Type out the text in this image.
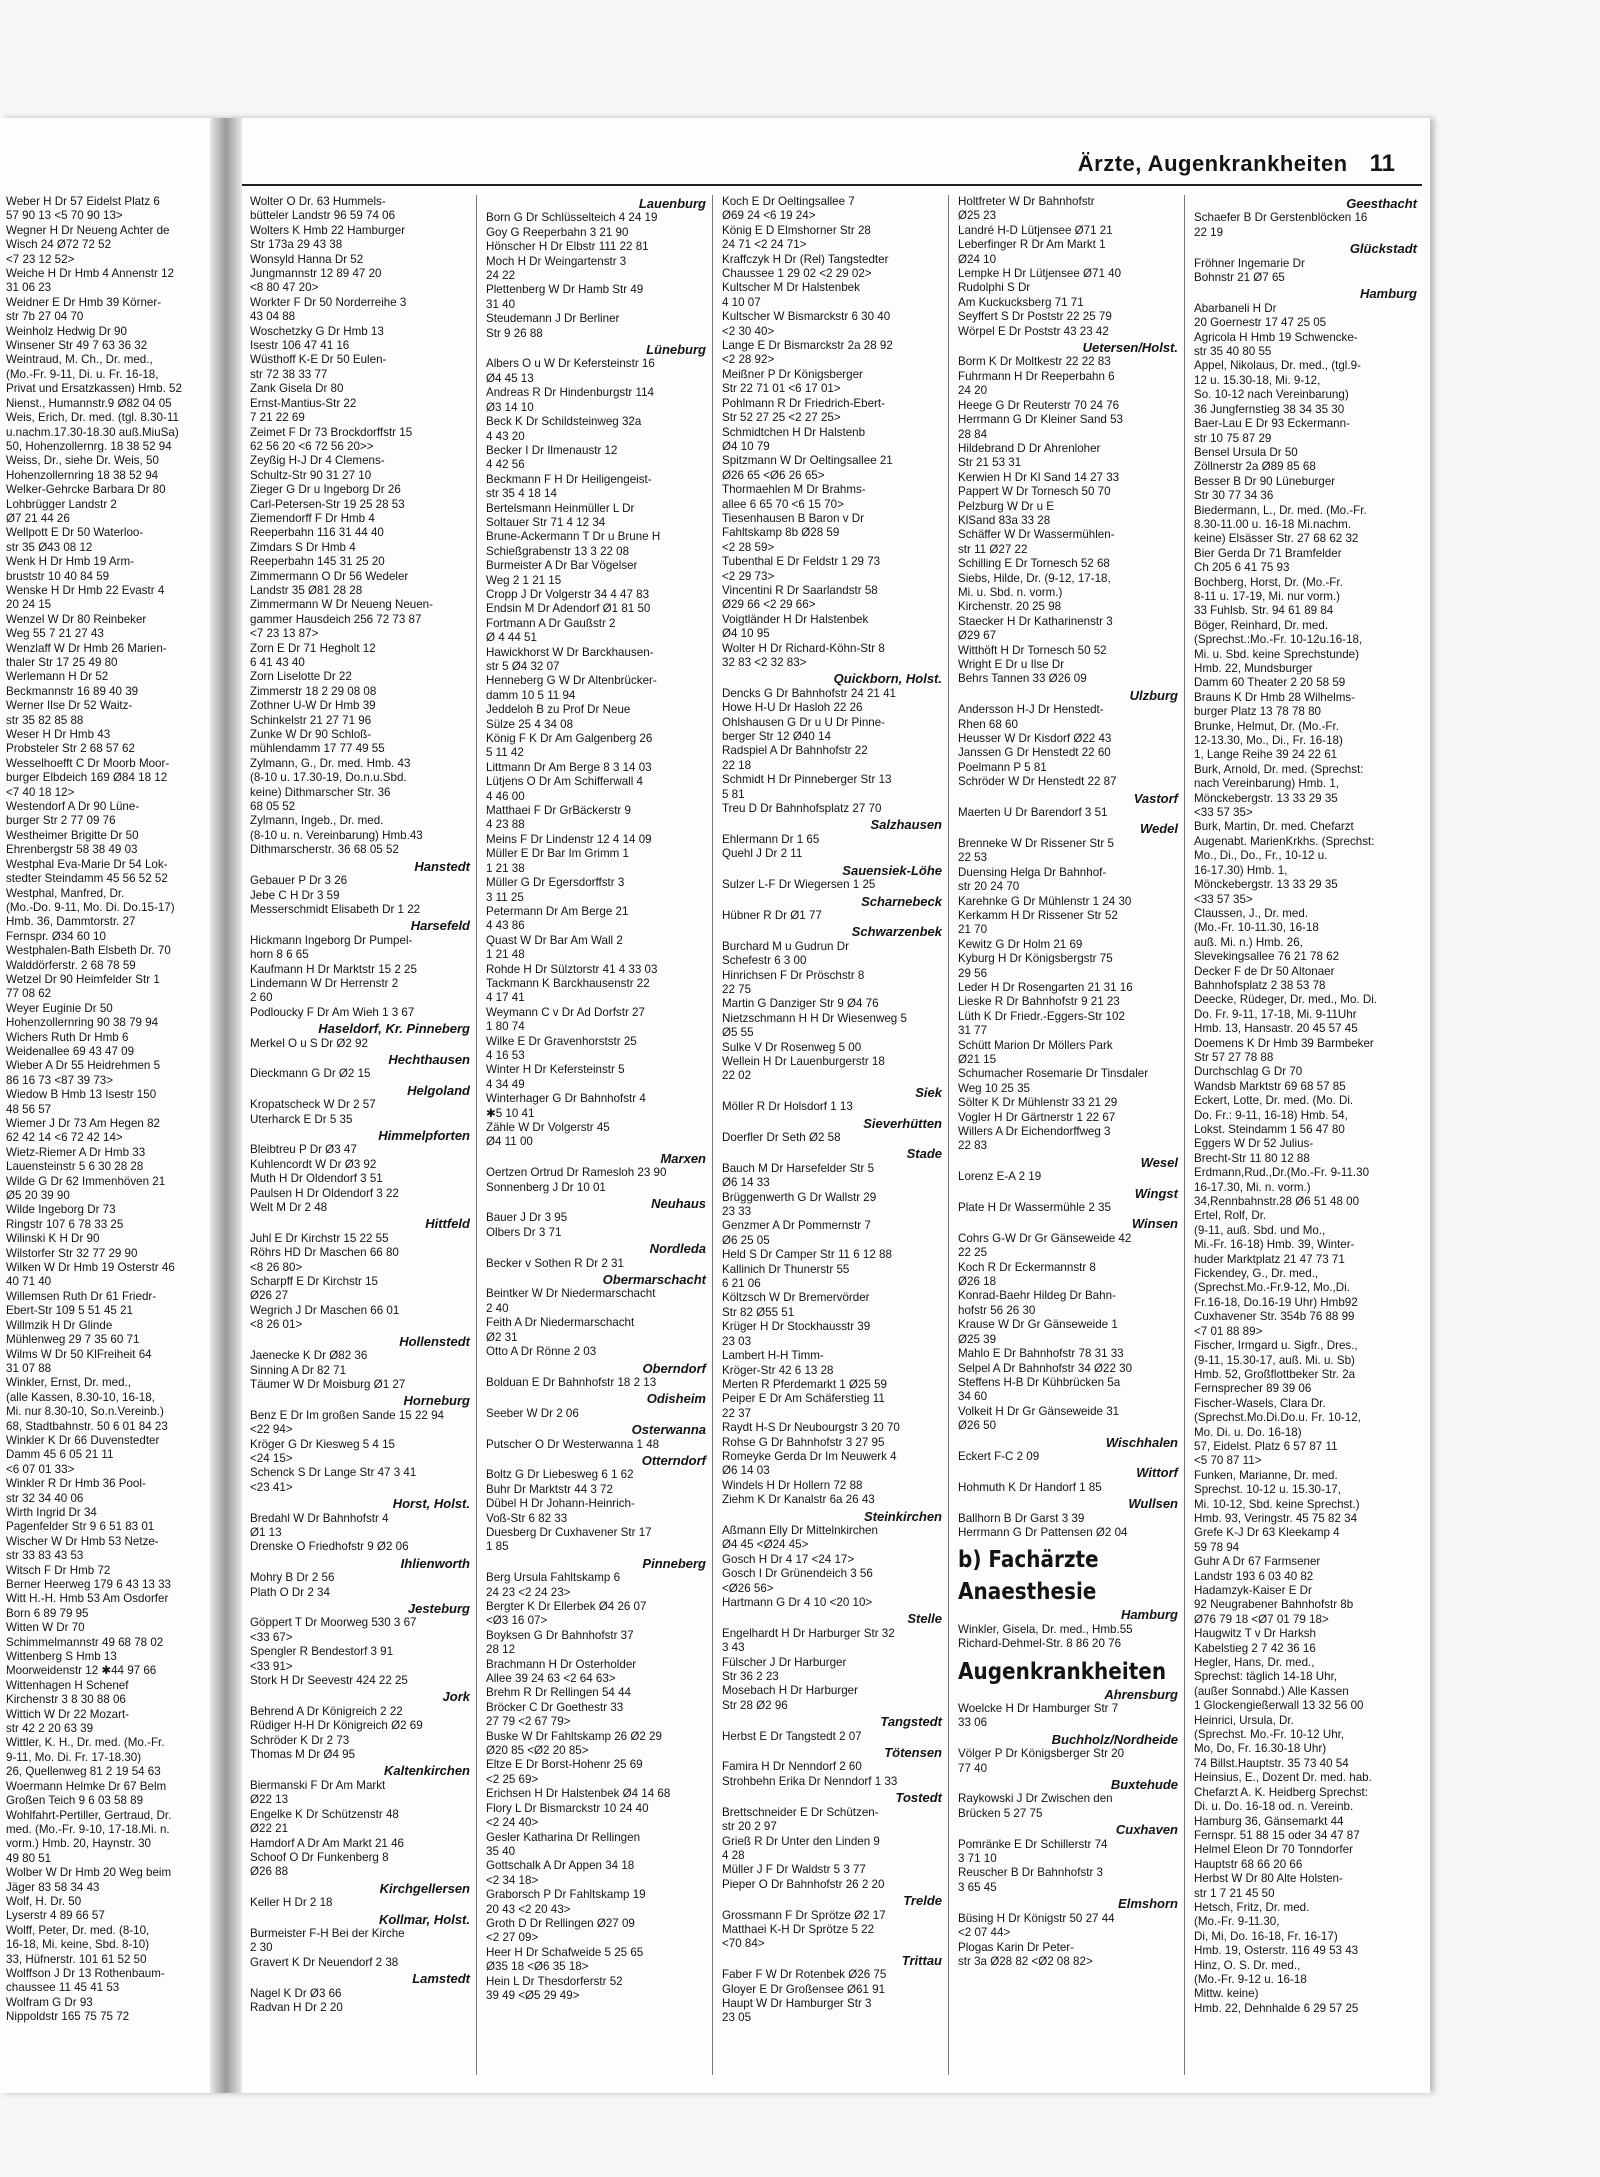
Ärzte, Augenkrankheiten 11
Weber H Dr 57 Eidelst Platz 6
57 90 13 <5 70 90 13>
Wegner H Dr Neueng Achter de
Wisch 24 Ø72 72 52
<7 23 12 52>
Weiche H Dr Hmb 4 Annenstr 12
31 06 23
Weidner E Dr Hmb 39 Körner-
str 7b 27 04 70
Weinholz Hedwig Dr 90
Winsener Str 49 7 63 36 32
Weintraud, M. Ch., Dr. med.,
(Mo.-Fr. 9-11, Di. u. Fr. 16-18,
Privat und Ersatzkassen) Hmb. 52
Nienst., Humannstr.9 Ø82 04 05
Weis, Erich, Dr. med. (tgl. 8.30-11
u.nachm.17.30-18.30 auß.MiuSa)
50, Hohenzollernrg. 18 38 52 94
Weiss, Dr., siehe Dr. Weis, 50
Hohenzollernring 18 38 52 94
Welker-Gehrcke Barbara Dr 80
Lohbrügger Landstr 2
Ø7 21 44 26
Wellpott E Dr 50 Waterloo-
str 35 Ø43 08 12
Wenk H Dr Hmb 19 Arm-
bruststr 10 40 84 59
Wenske H Dr Hmb 22 Evastr 4
20 24 15
Wenzel W Dr 80 Reinbeker
Weg 55 7 21 27 43
Wenzlaff W Dr Hmb 26 Marien-
thaler Str 17 25 49 80
Werlemann H Dr 52
Beckmannstr 16 89 40 39
Werner Ilse Dr 52 Waitz-
str 35 82 85 88
Weser H Dr Hmb 43
Probsteler Str 2 68 57 62
Wesselhoefft C Dr Moorb Moor-
burger Elbdeich 169 Ø84 18 12
<7 40 18 12>
Westendorf A Dr 90 Lüne-
burger Str 2 77 09 76
Westheimer Brigitte Dr 50
Ehrenbergstr 58 38 49 03
Westphal Eva-Marie Dr 54 Lok-
stedter Steindamm 45 56 52 52
Westphal, Manfred, Dr.
(Mo.-Do. 9-11, Mo. Di. Do.15-17)
Hmb. 36, Dammtorstr. 27
Fernspr. Ø34 60 10
Westphalen-Bath Elsbeth Dr. 70
Walddörferstr. 2 68 78 59
Wetzel Dr 90 Heimfelder Str 1
77 08 62
Weyer Euginie Dr 50
Hohenzollernring 90 38 79 94
Wichers Ruth Dr Hmb 6
Weidenallee 69 43 47 09
Wieber A Dr 55 Heidrehmen 5
86 16 73 <87 39 73>
Wiedow B Hmb 13 Isestr 150
48 56 57
Wiemer J Dr 73 Am Hegen 82
62 42 14 <6 72 42 14>
Wietz-Riemer A Dr Hmb 33
Lauensteinstr 5 6 30 28 28
Wilde G Dr 62 Immenhöven 21
Ø5 20 39 90
Wilde Ingeborg Dr 73
Ringstr 107 6 78 33 25
Wilinski K H Dr 90
Wilstorfer Str 32 77 29 90
Wilken W Dr Hmb 19 Osterstr 46
40 71 40
Willemsen Ruth Dr 61 Friedr-
Ebert-Str 109 5 51 45 21
Willmzik H Dr Glinde
Mühlenweg 29 7 35 60 71
Wilms W Dr 50 KlFreiheit 64
31 07 88
Winkler, Ernst, Dr. med.,
(alle Kassen, 8.30-10, 16-18,
Mi. nur 8.30-10, So.n.Vereinb.)
68, Stadtbahnstr. 50 6 01 84 23
Winkler K Dr 66 Duvenstedter
Damm 45 6 05 21 11
<6 07 01 33>
Winkler R Dr Hmb 36 Pool-
str 32 34 40 06
Wirth Ingrid Dr 34
Pagenfelder Str 9 6 51 83 01
Wischer W Dr Hmb 53 Netze-
str 33 83 43 53
Witsch F Dr Hmb 72
Berner Heerweg 179 6 43 13 33
Witt H.-H. Hmb 53 Am Osdorfer
Born 6 89 79 95
Witten W Dr 70
Schimmelmannstr 49 68 78 02
Wittenberg S Hmb 13
Moorweidenstr 12 ✱44 97 66
Wittenhagen H Schenef
Kirchenstr 3 8 30 88 06
Wittich W Dr 22 Mozart-
str 42 2 20 63 39
Wittler, K. H., Dr. med. (Mo.-Fr.
9-11, Mo. Di. Fr. 17-18.30)
26, Quellenweg 81 2 19 54 63
Woermann Helmke Dr 67 Belm
Großen Teich 9 6 03 58 89
Wohlfahrt-Pertiller, Gertraud, Dr.
med. (Mo.-Fr. 9-10, 17-18.Mi. n.
vorm.) Hmb. 20, Haynstr. 30
49 80 51
Wolber W Dr Hmb 20 Weg beim
Jäger 83 58 34 43
Wolf, H. Dr. 50
Lyserstr 4 89 66 57
Wolff, Peter, Dr. med. (8-10,
16-18, Mi. keine, Sbd. 8-10)
33, Hüfnerstr. 101 61 52 50
Wolffson J Dr 13 Rothenbaum-
chaussee 11 45 41 53
Wolfram G Dr 93
Nippoldstr 165 75 75 72
Wolter O Dr. 63 Hummels-
bütteler Landstr 96 59 74 06
Wolters K Hmb 22 Hamburger
Str 173a 29 43 38
Wonsyld Hanna Dr 52
Jungmannstr 12 89 47 20
<8 80 47 20>
Workter F Dr 50 Norderreihe 3
43 04 88
Woschetzky G Dr Hmb 13
Isestr 106 47 41 16
Wüsthoff K-E Dr 50 Eulen-
str 72 38 33 77
Zank Gisela Dr 80
Ernst-Mantius-Str 22
7 21 22 69
Zeimet F Dr 73 Brockdorffstr 15
62 56 20 <6 72 56 20>>
Zeyßig H-J Dr 4 Clemens-
Schultz-Str 90 31 27 10
Zieger G Dr u Ingeborg Dr 26
Carl-Petersen-Str 19 25 28 53
Ziemendorff F Dr Hmb 4
Reeperbahn 116 31 44 40
Zimdars S Dr Hmb 4
Reeperbahn 145 31 25 20
Zimmermann O Dr 56 Wedeler
Landstr 35 Ø81 28 28
Zimmermann W Dr Neueng Neuen-
gammer Hausdeich 256 72 73 87
<7 23 13 87>
Zorn E Dr 71 Hegholt 12
6 41 43 40
Zorn Liselotte Dr 22
Zimmerstr 18 2 29 08 08
Zothner U-W Dr Hmb 39
Schinkelstr 21 27 71 96
Zunke W Dr 90 Schloß-
mühlendamm 17 77 49 55
Zylmann, G., Dr. med. Hmb. 43
(8-10 u. 17.30-19, Do.n.u.Sbd.
keine) Dithmarscher Str. 36
68 05 52
Zylmann, Ingeb., Dr. med.
(8-10 u. n. Vereinbarung) Hmb.43
Dithmarscherstr. 36 68 05 52
Hanstedt
Gebauer P Dr 3 26
Jebe C H Dr 3 59
Messerschmidt Elisabeth Dr 1 22
Harsefeld
Hickmann Ingeborg Dr Pumpel-
horn 8 6 65
Kaufmann H Dr Marktstr 15 2 25
Lindemann W Dr Herrenstr 2
2 60
Podloucky F Dr Am Wieh 1 3 67
Haseldorf, Kr. Pinneberg
Merkel O u S Dr Ø2 92
Hechthausen
Dieckmann G Dr Ø2 15
Helgoland
Kropatscheck W Dr 2 57
Uterharck E Dr 5 35
Himmelpforten
Bleibtreu P Dr Ø3 47
Kuhlencordt W Dr Ø3 92
Muth H Dr Oldendorf 3 51
Paulsen H Dr Oldendorf 3 22
Welt M Dr 2 48
Hittfeld
Juhl E Dr Kirchstr 15 22 55
Röhrs HD Dr Maschen 66 80
<8 26 80>
Scharpff E Dr Kirchstr 15
Ø26 27
Wegrich J Dr Maschen 66 01
<8 26 01>
Hollenstedt
Jaenecke K Dr Ø82 36
Sinning A Dr 82 71
Täumer W Dr Moisburg Ø1 27
Horneburg
Benz E Dr Im großen Sande 15 22 94
<22 94>
Kröger G Dr Kiesweg 5 4 15
<24 15>
Schenck S Dr Lange Str 47 3 41
<23 41>
Horst, Holst.
Bredahl W Dr Bahnhofstr 4
Ø1 13
Drenske O Friedhofstr 9 Ø2 06
Ihlienworth
Mohry B Dr 2 56
Plath O Dr 2 34
Jesteburg
Göppert T Dr Moorweg 530 3 67
<33 67>
Spengler R Bendestorf 3 91
<33 91>
Stork H Dr Seevestr 424 22 25
Jork
Behrend A Dr Königreich 2 22
Rüdiger H-H Dr Königreich Ø2 69
Schröder K Dr 2 73
Thomas M Dr Ø4 95
Kaltenkirchen
Biermanski F Dr Am Markt
Ø22 13
Engelke K Dr Schützenstr 48
Ø22 21
Hamdorf A Dr Am Markt 21 46
Schoof O Dr Funkenberg 8
Ø26 88
Kirchgellersen
Keller H Dr 2 18
Kollmar, Holst.
Burmeister F-H Bei der Kirche
2 30
Gravert K Dr Neuendorf 2 38
Lamstedt
Nagel K Dr Ø3 66
Radvan H Dr 2 20
Lauenburg
Born G Dr Schlüsselteich 4 24 19
Goy G Reeperbahn 3 21 90
Hönscher H Dr Elbstr 111 22 81
Moch H Dr Weingartenstr 3
24 22
Plettenberg W Dr Hamb Str 49
31 40
Steudemann J Dr Berliner
Str 9 26 88
Lüneburg
Albers O u W Dr Kefersteinstr 16
Ø4 45 13
Andreas R Dr Hindenburgstr 114
Ø3 14 10
Beck K Dr Schildsteinweg 32a
4 43 20
Becker I Dr Ilmenaustr 12
4 42 56
Beckmann F H Dr Heiligengeist-
str 35 4 18 14
Bertelsmann Heinmüller L Dr
Soltauer Str 71 4 12 34
Brune-Ackermann T Dr u Brune H
Schießgrabenstr 13 3 22 08
Burmeister A Dr Bar Vögelser
Weg 2 1 21 15
Cropp J Dr Volgerstr 34 4 47 83
Endsin M Dr Adendorf Ø1 81 50
Fortmann A Dr Gaußstr 2
Ø 4 44 51
Hawickhorst W Dr Barckhausen-
str 5 Ø4 32 07
Henneberg G W Dr Altenbrücker-
damm 10 5 11 94
Jeddeloh B zu Prof Dr Neue
Sülze 25 4 34 08
König F K Dr Am Galgenberg 26
5 11 42
Littmann Dr Am Berge 8 3 14 03
Lütjens O Dr Am Schifferwall 4
4 46 00
Matthaei F Dr GrBäckerstr 9
4 23 88
Meins F Dr Lindenstr 12 4 14 09
Müller E Dr Bar Im Grimm 1
1 21 38
Müller G Dr Egersdorffstr 3
3 11 25
Petermann Dr Am Berge 21
4 43 86
Quast W Dr Bar Am Wall 2
1 21 48
Rohde H Dr Sülztorstr 41 4 33 03
Tackmann K Barckhausenstr 22
4 17 41
Weymann C v Dr Ad Dorfstr 27
1 80 74
Wilke E Dr Gravenhorststr 25
4 16 53
Winter H Dr Kefersteinstr 5
4 34 49
Winterhager G Dr Bahnhofstr 4
✱5 10 41
Zähle W Dr Volgerstr 45
Ø4 11 00
Marxen
Oertzen Ortrud Dr Ramesloh 23 90
Sonnenberg J Dr 10 01
Neuhaus
Bauer J Dr 3 95
Olbers Dr 3 71
Nordleda
Becker v Sothen R Dr 2 31
Obermarschacht
Beintker W Dr Niedermarschacht
2 40
Feith A Dr Niedermarschacht
Ø2 31
Otto A Dr Rönne 2 03
Oberndorf
Bolduan E Dr Bahnhofstr 18 2 13
Odisheim
Seeber W Dr 2 06
Osterwanna
Putscher O Dr Westerwanna 1 48
Otterndorf
Boltz G Dr Liebesweg 6 1 62
Buhr Dr Marktstr 44 3 72
Dübel H Dr Johann-Heinrich-
Voß-Str 6 82 33
Duesberg Dr Cuxhavener Str 17
1 85
Pinneberg
Berg Ursula Fahltskamp 6
24 23 <2 24 23>
Bergter K Dr Ellerbek Ø4 26 07
<Ø3 16 07>
Boyksen G Dr Bahnhofstr 37
28 12
Brachmann H Dr Osterholder
Allee 39 24 63 <2 64 63>
Brehm R Dr Rellingen 54 44
Bröcker C Dr Goethestr 33
27 79 <2 67 79>
Buske W Dr Fahltskamp 26 Ø2 29
Ø20 85 <Ø2 20 85>
Eltze E Dr Borst-Hohenr 25 69
<2 25 69>
Erichsen H Dr Halstenbek Ø4 14 68
Flory L Dr Bismarckstr 10 24 40
<2 24 40>
Gesler Katharina Dr Rellingen
35 40
Gottschalk A Dr Appen 34 18
<2 34 18>
Graborsch P Dr Fahltskamp 19
20 43 <2 20 43>
Groth D Dr Rellingen Ø27 09
<2 27 09>
Heer H Dr Schafweide 5 25 65
Ø35 18 <Ø6 35 18>
Hein L Dr Thesdorferstr 52
39 49 <Ø5 29 49>
Koch E Dr Oeltingsallee 7
Ø69 24 <6 19 24>
König E D Elmshorner Str 28
24 71 <2 24 71>
Kraffczyk H Dr (Rel) Tangstedter
Chaussee 1 29 02 <2 29 02>
Kultscher M Dr Halstenbek
4 10 07
Kultscher W Bismarckstr 6 30 40
<2 30 40>
Lange E Dr Bismarckstr 2a 28 92
<2 28 92>
Meißner P Dr Königsberger
Str 22 71 01 <6 17 01>
Pohlmann R Dr Friedrich-Ebert-
Str 52 27 25 <2 27 25>
Schmidtchen H Dr Halstenb
Ø4 10 79
Spitzmann W Dr Oeltingsallee 21
Ø26 65 <Ø6 26 65>
Thormaehlen M Dr Brahms-
allee 6 65 70 <6 15 70>
Tiesenhausen B Baron v Dr
Fahltskamp 8b Ø28 59
<2 28 59>
Tubenthal E Dr Feldstr 1 29 73
<2 29 73>
Vincentini R Dr Saarlandstr 58
Ø29 66 <2 29 66>
Voigtländer H Dr Halstenbek
Ø4 10 95
Wolter H Dr Richard-Köhn-Str 8
32 83 <2 32 83>
Quickborn, Holst.
Dencks G Dr Bahnhofstr 24 21 41
Howe H-U Dr Hasloh 22 26
Ohlshausen G Dr u U Dr Pinne-
berger Str 12 Ø40 14
Radspiel A Dr Bahnhofstr 22
22 18
Schmidt H Dr Pinneberger Str 13
5 81
Treu D Dr Bahnhofsplatz 27 70
Salzhausen
Ehlermann Dr 1 65
Quehl J Dr 2 11
Sauensiek-Löhe
Sulzer L-F Dr Wiegersen 1 25
Scharnebeck
Hübner R Dr Ø1 77
Schwarzenbek
Burchard M u Gudrun Dr
Schefestr 6 3 00
Hinrichsen F Dr Pröschstr 8
22 75
Martin G Danziger Str 9 Ø4 76
Nietzschmann H H Dr Wiesenweg 5
Ø5 55
Sulke V Dr Rosenweg 5 00
Wellein H Dr Lauenburgerstr 18
22 02
Siek
Möller R Dr Holsdorf 1 13
Sieverhütten
Doerfler Dr Seth Ø2 58
Stade
Bauch M Dr Harsefelder Str 5
Ø6 14 33
Brüggenwerth G Dr Wallstr 29
23 33
Genzmer A Dr Pommernstr 7
Ø6 25 05
Held S Dr Camper Str 11 6 12 88
Kallinich Dr Thunerstr 55
6 21 06
Költzsch W Dr Bremervörder
Str 82 Ø55 51
Krüger H Dr Stockhausstr 39
23 03
Lambert H-H Timm-
Kröger-Str 42 6 13 28
Merten R Pferdemarkt 1 Ø25 59
Peiper E Dr Am Schäferstieg 11
22 37
Raydt H-S Dr Neubourgstr 3 20 70
Rohse G Dr Bahnhofstr 3 27 95
Romeyke Gerda Dr Im Neuwerk 4
Ø6 14 03
Windels H Dr Hollern 72 88
Ziehm K Dr Kanalstr 6a 26 43
Steinkirchen
Aßmann Elly Dr Mittelnkirchen
Ø4 45 <Ø24 45>
Gosch H Dr 4 17 <24 17>
Gosch I Dr Grünendeich 3 56
<Ø26 56>
Hartmann G Dr 4 10 <20 10>
Stelle
Engelhardt H Dr Harburger Str 32
3 43
Fülscher J Dr Harburger
Str 36 2 23
Mosebach H Dr Harburger
Str 28 Ø2 96
Tangstedt
Herbst E Dr Tangstedt 2 07
Tötensen
Famira H Dr Nenndorf 2 60
Strohbehn Erika Dr Nenndorf 1 33
Tostedt
Brettschneider E Dr Schützen-
str 20 2 97
Grieß R Dr Unter den Linden 9
4 28
Müller J F Dr Waldstr 5 3 77
Pieper O Dr Bahnhofstr 26 2 20
Trelde
Grossmann F Dr Sprötze Ø2 17
Matthaei K-H Dr Sprötze 5 22
<70 84>
Trittau
Faber F W Dr Rotenbek Ø26 75
Gloyer E Dr Großensee Ø61 91
Haupt W Dr Hamburger Str 3
23 05
Holtfreter W Dr Bahnhofstr
Ø25 23
Landré H-D Lütjensee Ø71 21
Leberfinger R Dr Am Markt 1
Ø24 10
Lempke H Dr Lütjensee Ø71 40
Rudolphi S Dr
Am Kuckucksberg 71 71
Seyffert S Dr Poststr 22 25 79
Wörpel E Dr Poststr 43 23 42
Uetersen/Holst.
Borm K Dr Moltkestr 22 22 83
Fuhrmann H Dr Reeperbahn 6
24 20
Heege G Dr Reuterstr 70 24 76
Herrmann G Dr Kleiner Sand 53
28 84
Hildebrand D Dr Ahrenloher
Str 21 53 31
Kerwien H Dr Kl Sand 14 27 33
Pappert W Dr Tornesch 50 70
Pelzburg W Dr u E
KlSand 83a 33 28
Schäffer W Dr Wassermühlen-
str 11 Ø27 22
Schilling E Dr Tornesch 52 68
Siebs, Hilde, Dr. (9-12, 17-18,
Mi. u. Sbd. n. vorm.)
Kirchenstr. 20 25 98
Staecker H Dr Katharinenstr 3
Ø29 67
Witthöft H Dr Tornesch 50 52
Wright E Dr u Ilse Dr
Behrs Tannen 33 Ø26 09
Ulzburg
Andersson H-J Dr Henstedt-
Rhen 68 60
Heusser W Dr Kisdorf Ø22 43
Janssen G Dr Henstedt 22 60
Poelmann P 5 81
Schröder W Dr Henstedt 22 87
Vastorf
Maerten U Dr Barendorf 3 51
Wedel
Brenneke W Dr Rissener Str 5
22 53
Duensing Helga Dr Bahnhof-
str 20 24 70
Karehnke G Dr Mühlenstr 1 24 30
Kerkamm H Dr Rissener Str 52
21 70
Kewitz G Dr Holm 21 69
Kyburg H Dr Königsbergstr 75
29 56
Leder H Dr Rosengarten 21 31 16
Lieske R Dr Bahnhofstr 9 21 23
Lüth K Dr Friedr.-Eggers-Str 102
31 77
Schütt Marion Dr Möllers Park
Ø21 15
Schumacher Rosemarie Dr Tinsdaler
Weg 10 25 35
Sölter K Dr Mühlenstr 33 21 29
Vogler H Dr Gärtnerstr 1 22 67
Willers A Dr Eichendorffweg 3
22 83
Wesel
Lorenz E-A 2 19
Wingst
Plate H Dr Wassermühle 2 35
Winsen
Cohrs G-W Dr Gr Gänseweide 42
22 25
Koch R Dr Eckermannstr 8
Ø26 18
Konrad-Baehr Hildeg Dr Bahn-
hofstr 56 26 30
Krause W Dr Gr Gänseweide 1
Ø25 39
Mahlo E Dr Bahnhofstr 78 31 33
Selpel A Dr Bahnhofstr 34 Ø22 30
Steffens H-B Dr Kühbrücken 5a
34 60
Volkeit H Dr Gr Gänseweide 31
Ø26 50
Wischhalen
Eckert F-C 2 09
Wittorf
Hohmuth K Dr Handorf 1 85
Wullsen
Ballhorn B Dr Garst 3 39
Herrmann G Dr Pattensen Ø2 04
b) Fachärzte
Anaesthesie
Hamburg
Winkler, Gisela, Dr. med., Hmb.55
Richard-Dehmel-Str. 8 86 20 76
Augenkrankheiten
Ahrensburg
Woelcke H Dr Hamburger Str 7
33 06
Buchholz/Nordheide
Völger P Dr Königsberger Str 20
77 40
Buxtehude
Raykowski J Dr Zwischen den
Brücken 5 27 75
Cuxhaven
Pomränke E Dr Schillerstr 74
3 71 10
Reuscher B Dr Bahnhofstr 3
3 65 45
Elmshorn
Büsing H Dr Königstr 50 27 44
<2 07 44>
Plogas Karin Dr Peter-
str 3a Ø28 82 <Ø2 08 82>
Geesthacht
Schaefer B Dr Gerstenblöcken 16
22 19
Glückstadt
Fröhner Ingemarie Dr
Bohnstr 21 Ø7 65
Hamburg
Abarbaneli H Dr
20 Goernestr 17 47 25 05
Agricola H Hmb 19 Schwencke-
str 35 40 80 55
Appel, Nikolaus, Dr. med., (tgl.9-
12 u. 15.30-18, Mi. 9-12,
So. 10-12 nach Vereinbarung)
36 Jungfernstieg 38 34 35 30
Baer-Lau E Dr 93 Eckermann-
str 10 75 87 29
Bensel Ursula Dr 50
Zöllnerstr 2a Ø89 85 68
Besser B Dr 90 Lüneburger
Str 30 77 34 36
Biedermann, L., Dr. med. (Mo.-Fr.
8.30-11.00 u. 16-18 Mi.nachm.
keine) Elsässer Str. 27 68 62 32
Bier Gerda Dr 71 Bramfelder
Ch 205 6 41 75 93
Bochberg, Horst, Dr. (Mo.-Fr.
8-11 u. 17-19, Mi. nur vorm.)
33 Fuhlsb. Str. 94 61 89 84
Böger, Reinhard, Dr. med.
(Sprechst.:Mo.-Fr. 10-12u.16-18,
Mi. u. Sbd. keine Sprechstunde)
Hmb. 22, Mundsburger
Damm 60 Theater 2 20 58 59
Brauns K Dr Hmb 28 Wilhelms-
burger Platz 13 78 78 80
Brunke, Helmut, Dr. (Mo.-Fr.
12-13.30, Mo., Di., Fr. 16-18)
1, Lange Reihe 39 24 22 61
Burk, Arnold, Dr. med. (Sprechst:
nach Vereinbarung) Hmb. 1,
Mönckebergstr. 13 33 29 35
<33 57 35>
Burk, Martin, Dr. med. Chefarzt
Augenabt. MarienKrkhs. (Sprechst:
Mo., Di., Do., Fr., 10-12 u.
16-17.30) Hmb. 1,
Mönckebergstr. 13 33 29 35
<33 57 35>
Claussen, J., Dr. med.
(Mo.-Fr. 10-11.30, 16-18
auß. Mi. n.) Hmb. 26,
Slevekingsallee 76 21 78 62
Decker F de Dr 50 Altonaer
Bahnhofsplatz 2 38 53 78
Deecke, Rüdeger, Dr. med., Mo. Di.
Do. Fr. 9-11, 17-18, Mi. 9-11Uhr
Hmb. 13, Hansastr. 20 45 57 45
Doemens K Dr Hmb 39 Barmbeker
Str 57 27 78 88
Durchschlag G Dr 70
Wandsb Marktstr 69 68 57 85
Eckert, Lotte, Dr. med. (Mo. Di.
Do. Fr.: 9-11, 16-18) Hmb. 54,
Lokst. Steindamm 1 56 47 80
Eggers W Dr 52 Julius-
Brecht-Str 11 80 12 88
Erdmann,Rud.,Dr.(Mo.-Fr. 9-11.30
16-17.30, Mi. n. vorm.)
34,Rennbahnstr.28 Ø6 51 48 00
Ertel, Rolf, Dr.
(9-11, auß. Sbd. und Mo.,
Mi.-Fr. 16-18) Hmb. 39, Winter-
huder Marktplatz 21 47 73 71
Fickendey, G., Dr. med.,
(Sprechst.Mo.-Fr.9-12, Mo.,Di.
Fr.16-18, Do.16-19 Uhr) Hmb92
Cuxhavener Str. 354b 76 88 99
<7 01 88 89>
Fischer, Irmgard u. Sigfr., Dres.,
(9-11, 15.30-17, auß. Mi. u. Sb)
Hmb. 52, Großflottbeker Str. 2a
Fernsprecher 89 39 06
Fischer-Wasels, Clara Dr.
(Sprechst.Mo.Di.Do.u. Fr. 10-12,
Mo. Di. u. Do. 16-18)
57, Eidelst. Platz 6 57 87 11
<5 70 87 11>
Funken, Marianne, Dr. med.
Sprechst. 10-12 u. 15.30-17,
Mi. 10-12, Sbd. keine Sprechst.)
Hmb. 93, Veringstr. 45 75 82 34
Grefe K-J Dr 63 Kleekamp 4
59 78 94
Guhr A Dr 67 Farmsener
Landstr 193 6 03 40 82
Hadamzyk-Kaiser E Dr
92 Neugrabener Bahnhofstr 8b
Ø76 79 18 <Ø7 01 79 18>
Haugwitz T v Dr Harksh
Kabelstieg 2 7 42 36 16
Hegler, Hans, Dr. med.,
Sprechst: täglich 14-18 Uhr,
(außer Sonnabd.) Alle Kassen
1 Glockengießerwall 13 32 56 00
Heinrici, Ursula, Dr.
(Sprechst. Mo.-Fr. 10-12 Uhr,
Mo, Do, Fr. 16.30-18 Uhr)
74 Billst.Hauptstr. 35 73 40 54
Heinsius, E., Dozent Dr. med. hab.
Chefarzt A. K. Heidberg Sprechst:
Di. u. Do. 16-18 od. n. Vereinb.
Hamburg 36, Gänsemarkt 44
Fernspr. 51 88 15 oder 34 47 87
Helmel Eleon Dr 70 Tonndorfer
Hauptstr 68 66 20 66
Herbst W Dr 80 Alte Holsten-
str 1 7 21 45 50
Hetsch, Fritz, Dr. med.
(Mo.-Fr. 9-11.30,
Di, Mi, Do. 16-18, Fr. 16-17)
Hmb. 19, Osterstr. 116 49 53 43
Hinz, O. S. Dr. med.,
(Mo.-Fr. 9-12 u. 16-18
Mittw. keine)
Hmb. 22, Dehnhalde 6 29 57 25
